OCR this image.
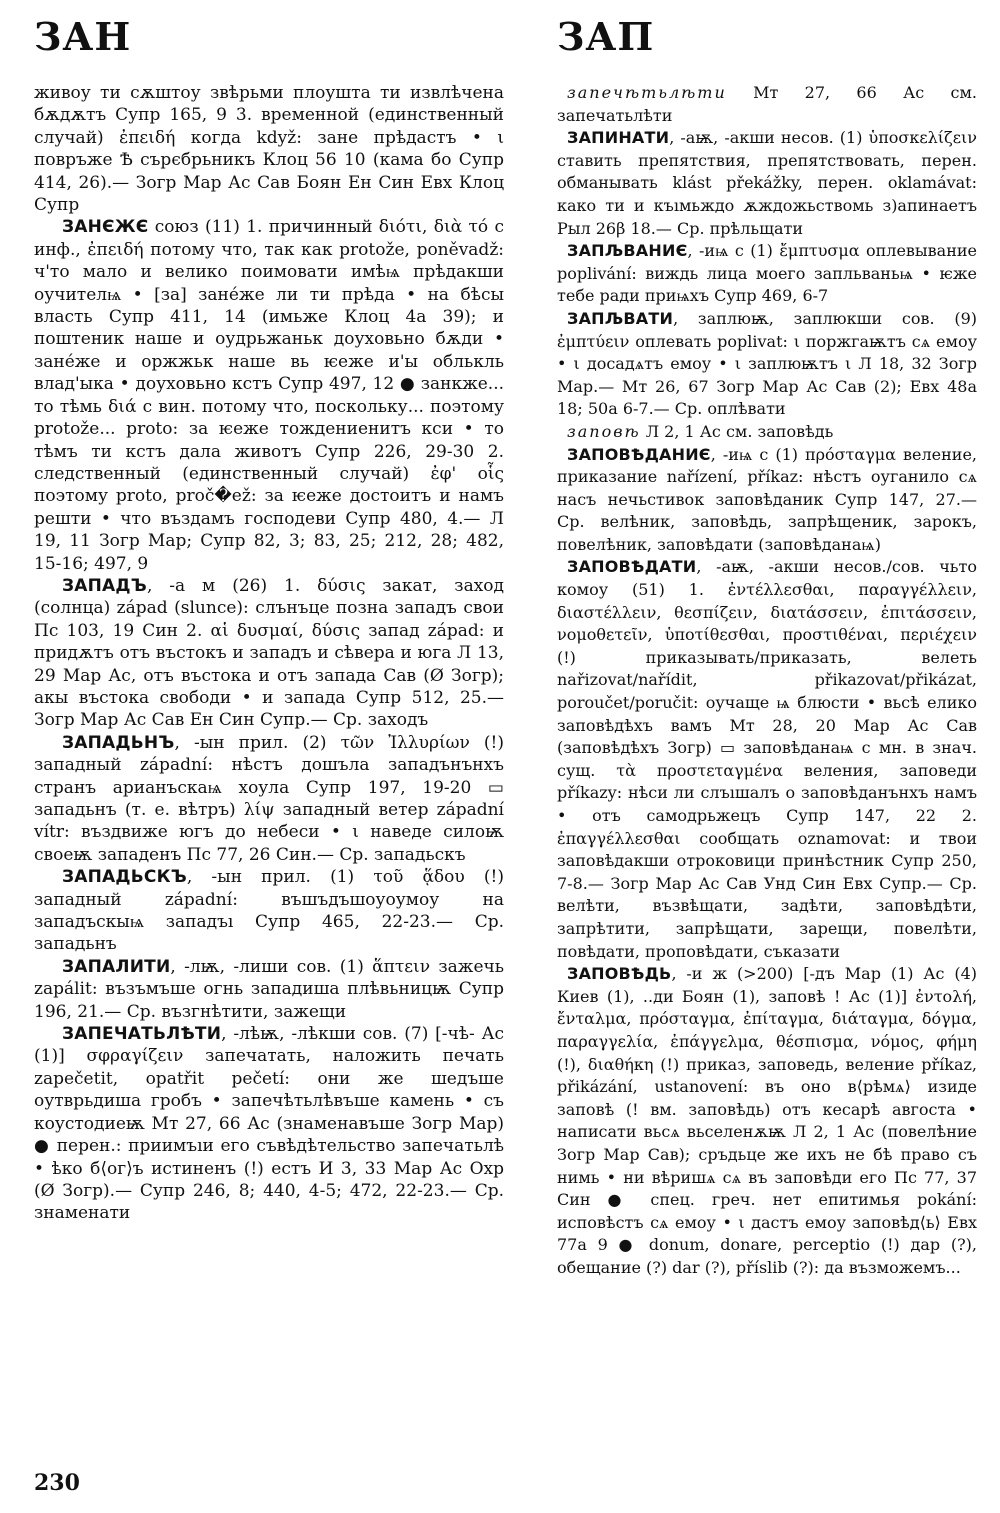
ЗАН	ЗАП

живоу ти сѫштоу звѣрьми плоушта ти извлѣчена бѫдѫтъ Супр 165, 9 3. временной (единственный случай) ἐπειδή когда když: зане прѣдастъ • ι повръже Ѣ сърєбрьникъ Клоц 56 10 (кама бо Супр 414, 26).— Зогр Мар Ас Сав Боян Ен Син Евх Клоц Супр

ЗАНЄЖЄ союз (11) 1. причинный διότι, διὰ τό с инф., ἐπειδή потому что, так как protože, poněvadž: ч'то мало и велико поимовати имѣѩ прѣдакши оучителѩ • [за] зане́же ли ти прѣда • на бѣсы власть Супр 411, 14 (имьже Клоц 4а 39); и поштеник наше и оудрьжаньк доуховьно бѫди • зане́же и оржжьк наше вь ѥеже и'ы облькль влад'ыка • доуховьно кстъ Супр 497, 12 ● занкже... то тѣмь διά с вин. потому что, поскольку... поэтому protože... proto: за ѥеже тождениенитъ кси • то тѣмъ ти кстъ дала животъ Супр 226, 29-30 2. следственный (единственный случай) ἐφ' οἷς поэтому proto, proč�ež: за ѥеже достоитъ и намъ решти • что въздамъ господеви Супр 480, 4.— Л 19, 11 Зогр Мар; Супр 82, 3; 83, 25; 212, 28; 482, 15-16; 497, 9

ЗАПАДЪ, -а м (26) 1. δύσις закат, заход (солнца) západ (slunce): слънъце позна западъ свои Пс 103, 19 Син 2. αἱ δυσμαί, δύσις запад západ: и придѫтъ отъ въстокъ и западъ и сѣвера и юга Л 13, 29 Мар Ас, отъ въстока и отъ запада Сав (Ø Зогр); акы въстока свободи • и запада Супр 512, 25.— Зогр Мар Ас Сав Ен Син Супр.— Ср. заходъ

ЗАПАДЬНЪ, -ын прил. (2) τῶν Ἰλλυρίων (!) западный západní: нѣстъ дошъла западънънхъ странъ арианъскаѩ хоула Супр 197, 19-20 ▭ западьнъ (т. е. вѣтръ) λίψ западный ветер západní vítr: въздвиже югъ до небеси • ι наведе силоѭ своеѭ западенъ Пс 77, 26 Син.— Ср. западьскъ

ЗАПАДЬСКЪ, -ын прил. (1) τοῦ ᾅδου (!) западный západní: въшъдъшоуоумоу на западъскыѩ западъı Супр 465, 22-23.— Ср. западьнъ

ЗАПАЛИТИ, -лѭ, -лиши сов. (1) ἅπτειν зажечь zapálit: възъмъше огнь западиша плѣвьницѭ Супр 196, 21.— Ср. възгнѣтити, зажещи

ЗАПЕЧАТЬЛѢТИ, -лѣѭ, -лѣкши сов. (7) [-чѣ- Ас (1)] σφραγίζειν запечатать, наложить печать zapečetit, opatřit pečetí: они же шедъше оутврьдиша гробъ • запечѣтьлѣвъше камень • съ коустодиеѭ Мт 27, 66 Ас (знаменавъше Зогр Мар) ● перен.: приимъıи его съвѣдѣтельство запечатьлѣ • ѣко б⟨ог⟩ъ истиненъ (!) естъ И 3, 33 Мар Ас Охр (Ø Зогр).— Супр 246, 8; 440, 4-5; 472, 22-23.— Ср. знаменати

запечѣтьлѣти Мт 27, 66 Ас см. запечатьлѣти

ЗАПИНАТИ, -аѭ, -акши несов. (1) ὑποσκελίζειν ставить препятствия, препятствовать, перен. обманывать klást překážky, перен. oklamávat: како ти и къıмьждо ѫждожьствомь з)апинаетъ Рыл 26β 18.— Ср. прѣльщати

ЗАПЉВАНИЄ, -иѩ с (1) ἔμπτυσμα оплевывание poplivání: виждь лица моего запльваньѩ • ѥже тебе ради приѩхъ Супр 469, 6-7

ЗАПЉВАТИ, заплюѭ, заплюкши сов. (9) ἐμπτύειν оплевать poplivat: ι поржгаѭтъ сѧ емоу • ι досадѧтъ емоу • ι заплюѭтъ ι Л 18, 32 Зогр Мар.— Мт 26, 67 Зогр Мар Ас Сав (2); Евх 48а 18; 50а 6-7.— Ср. оплѣвати

заповѣ Л 2, 1 Ас см. заповѣдь

ЗАПОВѢДАНИЄ, -иѩ с (1) πρόσταγμα веление, приказание nařízení, příkaz: нѣстъ оуганило сѧ насъ нечьстивок заповѣданик Супр 147, 27.— Ср. велѣник, заповѣдь, запрѣщеник, зарокъ, повелѣник, заповѣдати (заповѣданаѩ)

ЗАПОВѢДАТИ, -аѭ, -акши несов./сов. чьто комоу (51) 1. ἐντέλλεσθαι, παραγγέλλειν, διαστέλλειν, θεσπίζειν, διατάσσειν, ἐπιτάσσειν, νομοθετεῖν, ὑποτίθεσθαι, προστιθέναι, περιέχειν (!) приказывать/приказать, велеть nařizovat/nařídit, přikazovat/přikázat, poroučet/poručit: оучаще ѩ блюсти • вьсѣ елико заповѣдѣхъ вамъ Мт 28, 20 Мар Ас Сав (заповѣдѣхъ Зогр) ▭ заповѣданаѩ с мн. в знач. сущ. τὰ προστεταγμένα веления, заповеди příkazy: нѣси ли слъıшалъ о заповѣданънхъ намъ • отъ самодрьжецъ Супр 147, 22 2. ἐπαγγέλλεσθαι сообщать oznamovat: и твои заповѣдакши отроковици принѣстник Супр 250, 7-8.— Зогр Мар Ас Сав Унд Син Евх Супр.— Ср. велѣти, възвѣщати, задѣти, заповѣдѣти, запрѣтити, запрѣщати, зарещи, повелѣти, повѣдати, проповѣдати, съказати

ЗАПОВѢДЬ, -и ж (>200) [-дъ Мар (1) Ас (4) Киев (1), ..ди Боян (1), заповѣ ! Ас (1)] ἐντολή, ἔνταλμα, πρόσταγμα, ἐπίταγμα, διάταγμα, δόγμα, παραγγελία, ἐπάγγελμα, θέσπισμα, νόμος, φήμη (!), διαθήκη (!) приказ, заповедь, веление příkaz, přikázání, ustanovení: въ оно в⟨рѣмѧ⟩ изиде заповѣ (! вм. заповѣдь) отъ кесарѣ авгоста • написати вьсѧ вьселенѫѭ Л 2, 1 Ас (повелѣние Зогр Мар Сав); сръдьце же ихъ не бѣ право съ нимь • ни вѣришѧ сѧ въ заповѣди его Пс 77, 37 Син ● спец. греч. нет епитимья pokání: исповѣстъ сѧ емоу • ι дастъ емоу заповѣд⟨ь⟩ Евх 77а 9 ● donum, donare, perceptio (!) дар (?), обещание (?) dar (?), příslib (?): да възможемъ...

230
